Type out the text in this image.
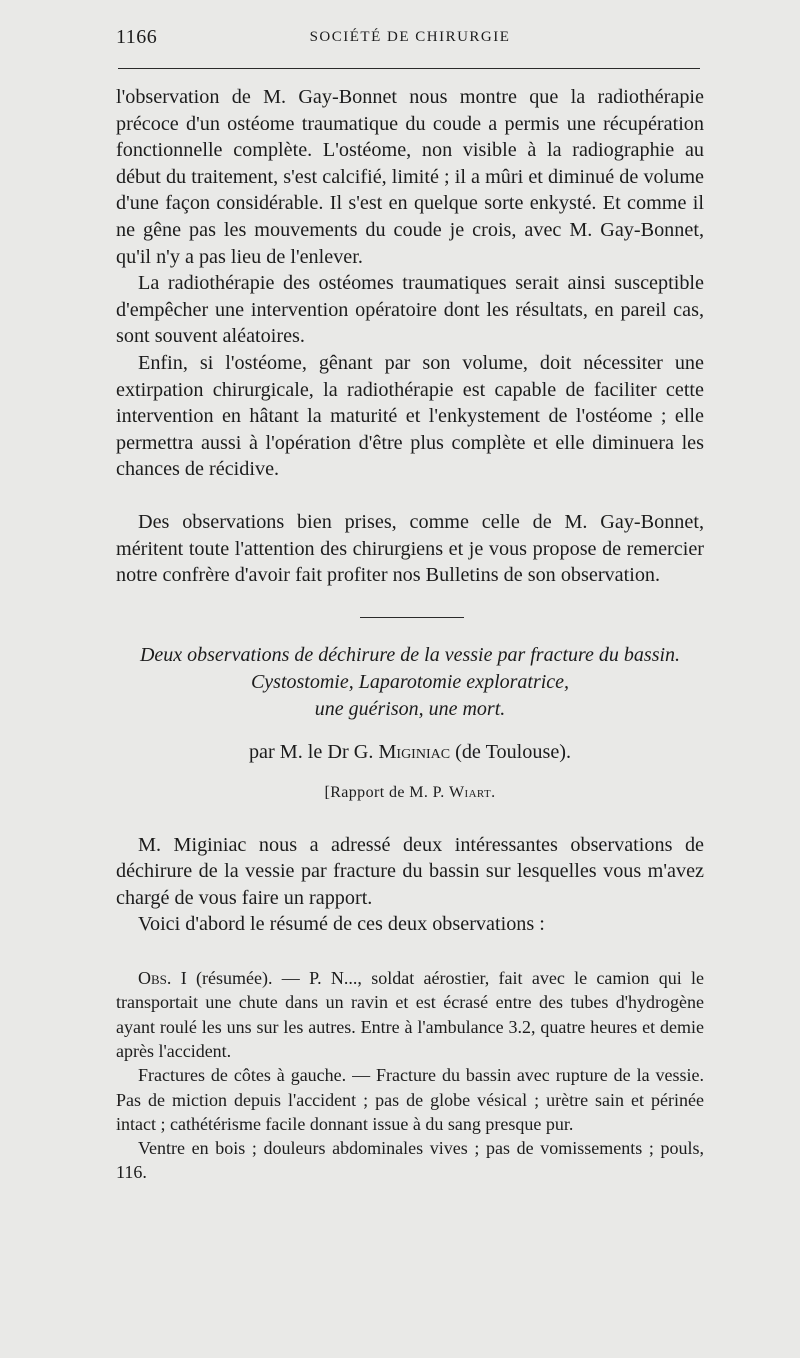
1166	SOCIÉTÉ DE CHIRURGIE

l'observation de M. Gay-Bonnet nous montre que la radiothérapie précoce d'un ostéome traumatique du coude a permis une récupération fonctionnelle complète. L'ostéome, non visible à la radiographie au début du traitement, s'est calcifié, limité ; il a mûri et diminué de volume d'une façon considérable. Il s'est en quelque sorte enkysté. Et comme il ne gêne pas les mouvements du coude je crois, avec M. Gay-Bonnet, qu'il n'y a pas lieu de l'enlever.

La radiothérapie des ostéomes traumatiques serait ainsi susceptible d'empêcher une intervention opératoire dont les résultats, en pareil cas, sont souvent aléatoires.

Enfin, si l'ostéome, gênant par son volume, doit nécessiter une extirpation chirurgicale, la radiothérapie est capable de faciliter cette intervention en hâtant la maturité et l'enkystement de l'ostéome ; elle permettra aussi à l'opération d'être plus complète et elle diminuera les chances de récidive.

Des observations bien prises, comme celle de M. Gay-Bonnet, méritent toute l'attention des chirurgiens et je vous propose de remercier notre confrère d'avoir fait profiter nos Bulletins de son observation.

Deux observations de déchirure de la vessie par fracture du bassin.
Cystostomie, Laparotomie exploratrice,
une guérison, une mort.
par M. le Dr G. Miginiac (de Toulouse).
[Rapport de M. P. Wiart.

M. Miginiac nous a adressé deux intéressantes observations de déchirure de la vessie par fracture du bassin sur lesquelles vous m'avez chargé de vous faire un rapport.

Voici d'abord le résumé de ces deux observations :

Obs. I (résumée). — P. N..., soldat aérostier, fait avec le camion qui le transportait une chute dans un ravin et est écrasé entre des tubes d'hydrogène ayant roulé les uns sur les autres. Entre à l'ambulance 3.2, quatre heures et demie après l'accident.

Fractures de côtes à gauche. — Fracture du bassin avec rupture de la vessie. Pas de miction depuis l'accident ; pas de globe vésical ; urètre sain et périnée intact ; cathétérisme facile donnant issue à du sang presque pur.

Ventre en bois ; douleurs abdominales vives ; pas de vomissements ; pouls, 116.
